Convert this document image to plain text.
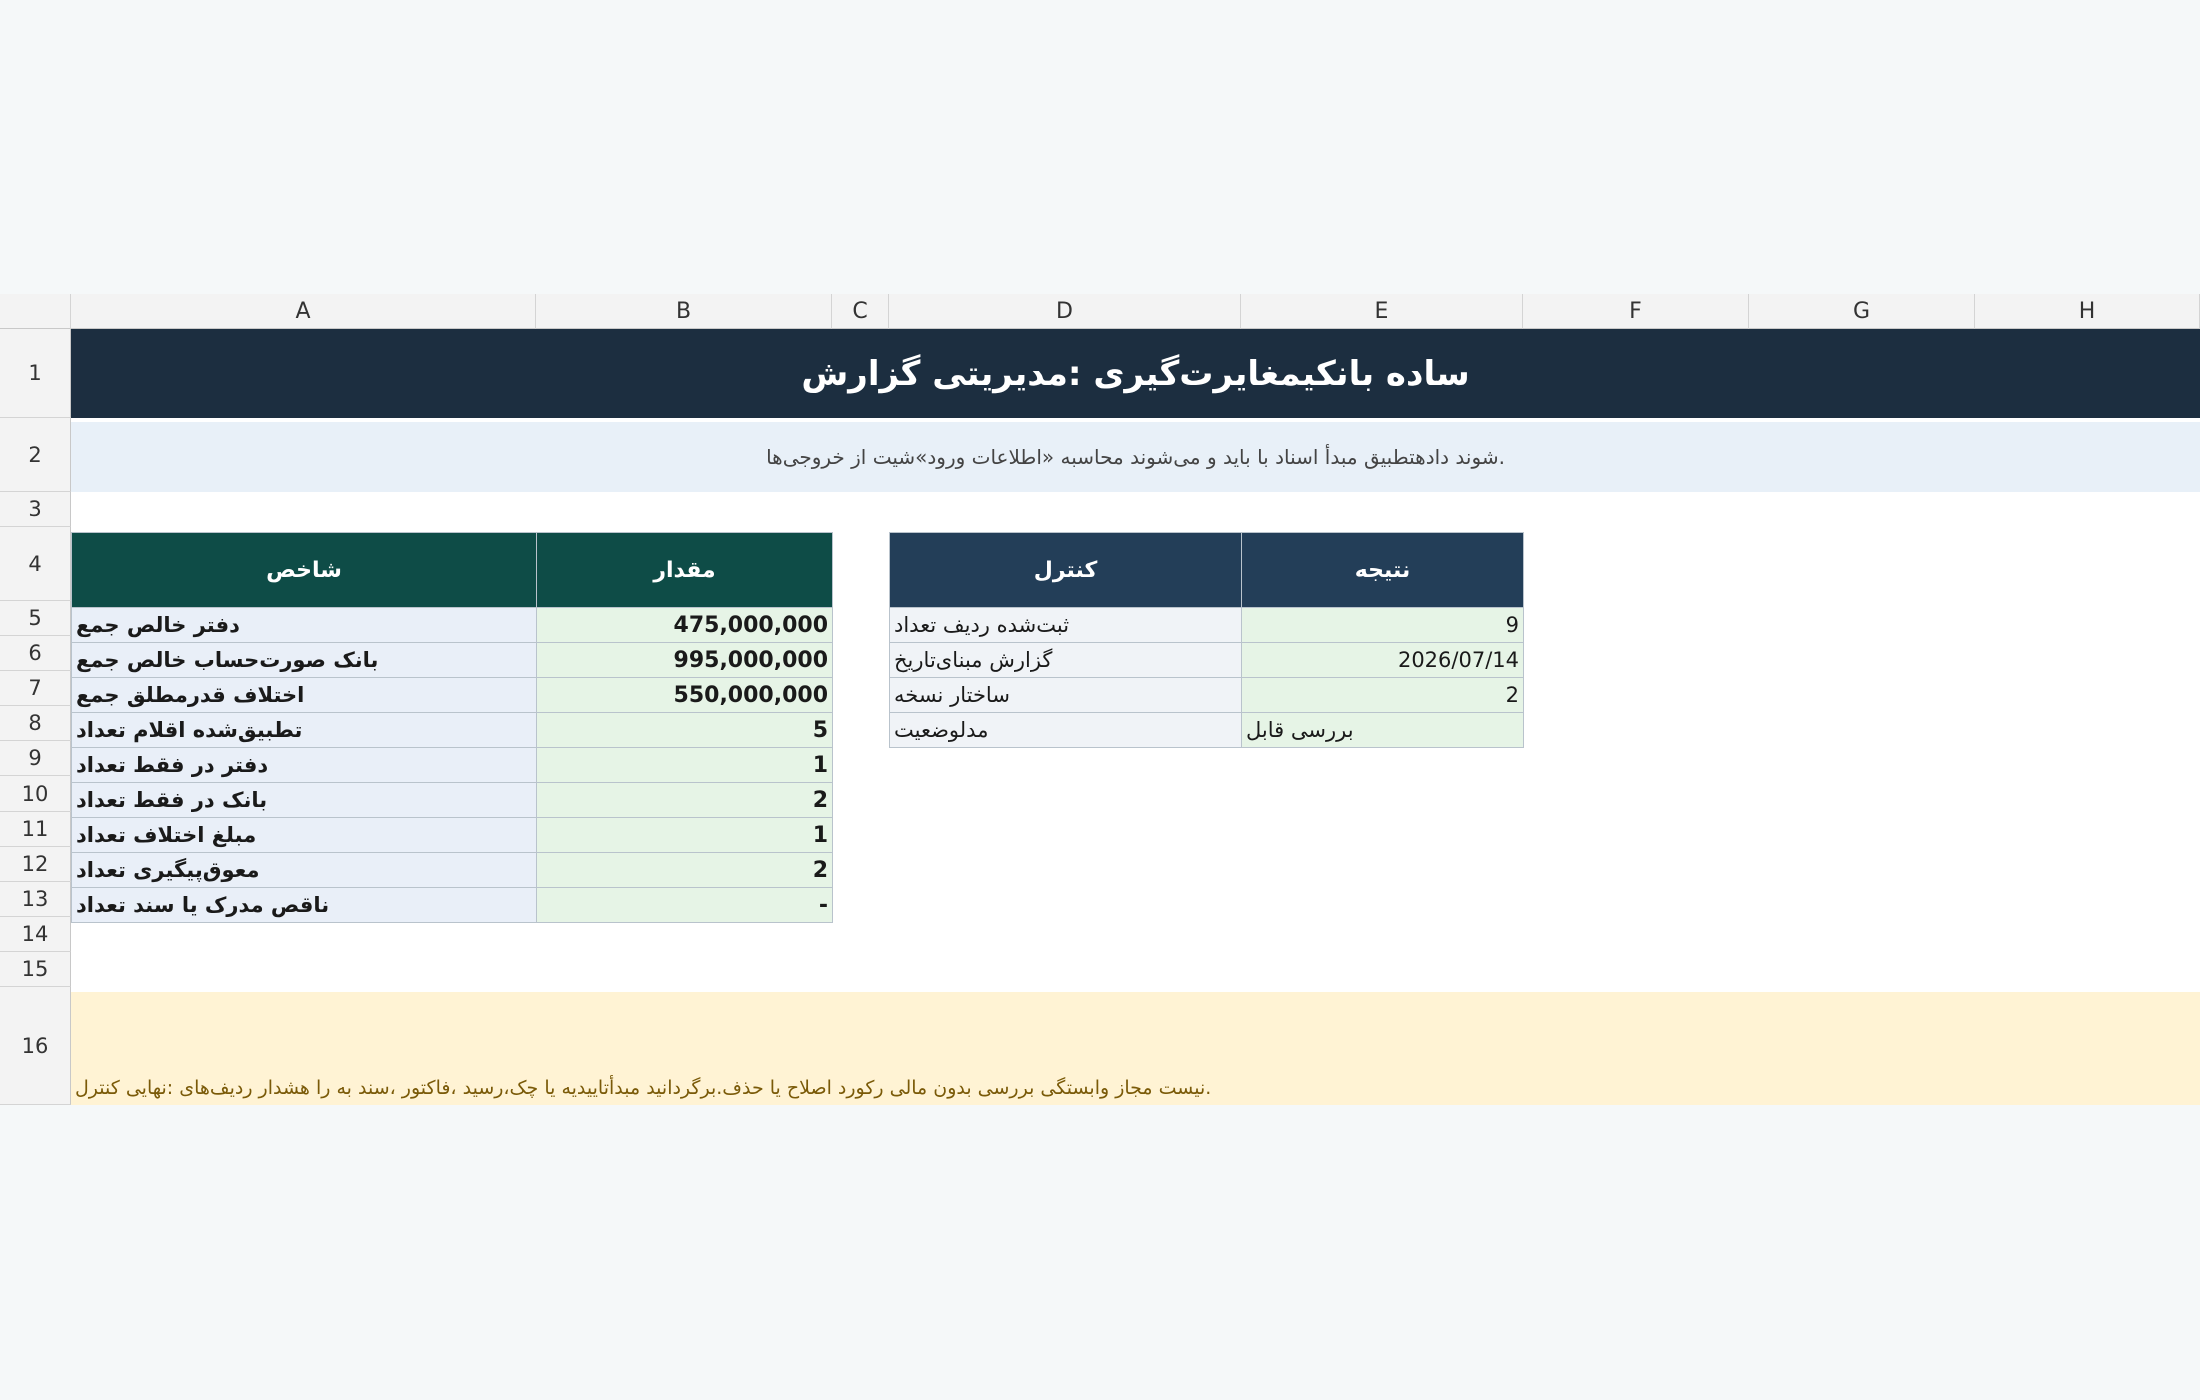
A	B	C	D	E	F	G	H
1
2
3
4
5
6
7
8
9
10
11
12
13
14
15
16
ساده بانکیمغایرت‌گیری :مدیریتی گزارش
.شوند دادهتطبیق مبدأ اسناد با باید و می‌شوند محاسبه «اطلاعات ورود»شیت از خروجی‌ها
شاخص	مقدار
دفتر خالص جمع	475,000,000
بانک صورت‌حساب خالص جمع	995,000,000
اختلاف قدرمطلق جمع	550,000,000
تطبیق‌شده اقلام تعداد	5
دفتر در فقط تعداد	1
بانک در فقط تعداد	2
مبلغ اختلاف تعداد	1
معوق‌پیگیری تعداد	2
ناقص مدرک یا سند تعداد	-
کنترل	نتیجه
ثبت‌شده ردیف تعداد	9
گزارش مبنای‌تاریخ	2026/07/14
ساختار نسخه	2
مدلوضعیت	بررسی قابل
.نیست مجاز وابستگی بررسی بدون مالی رکورد اصلاح یا حذف.برگردانید مبدأتاییدیه یا چک،رسید ،فاکتور ،سند به را هشدار ردیف‌های :نهایی کنترل
